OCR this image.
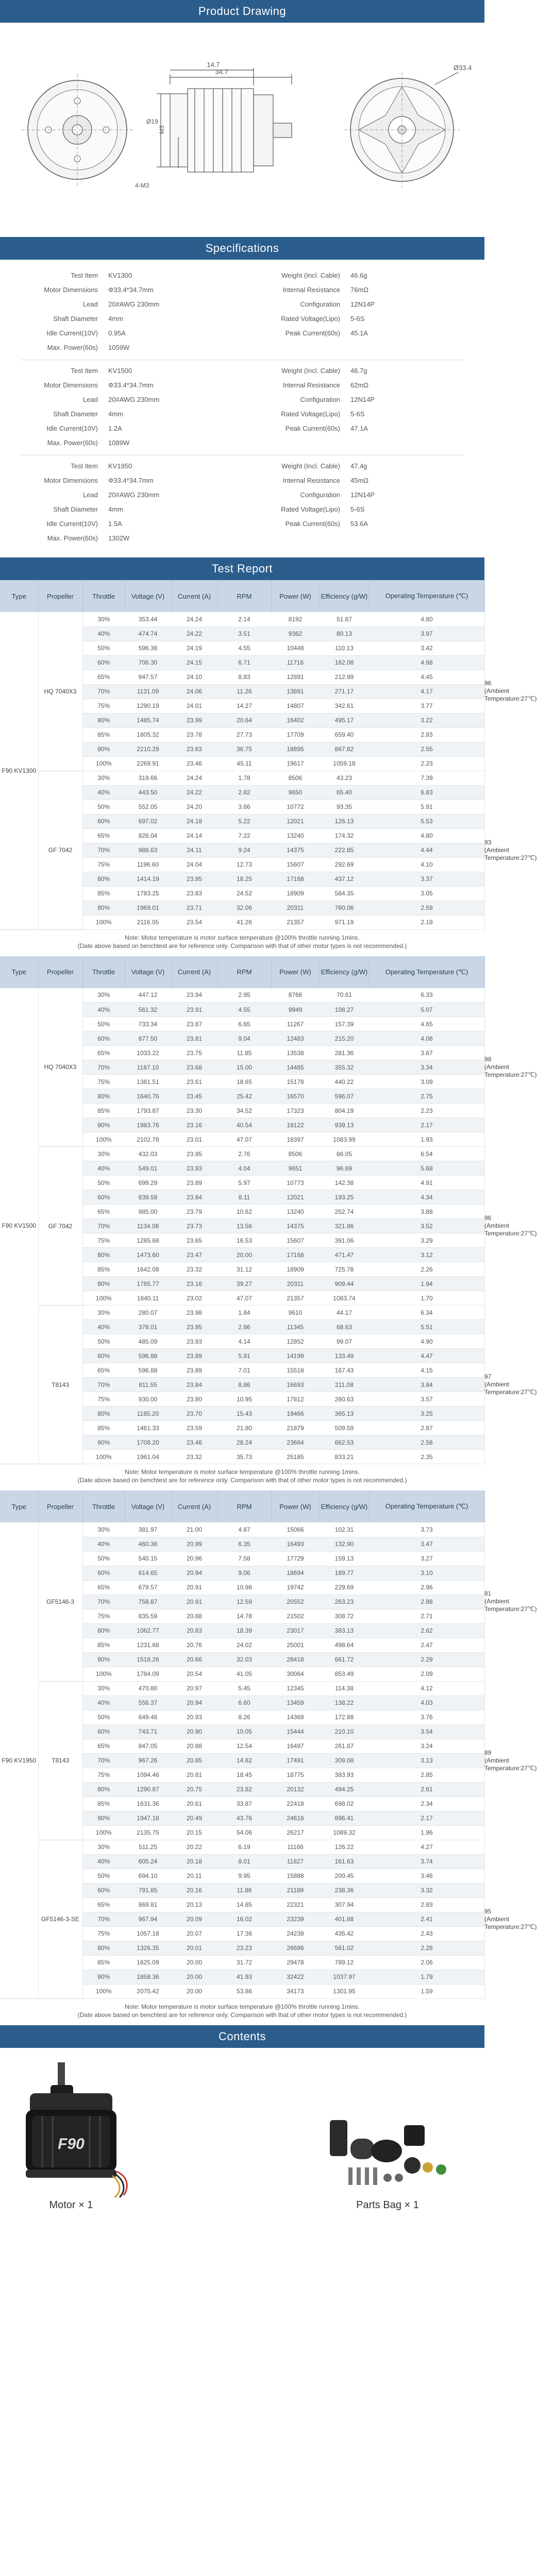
Product Drawing
34.7
14.7
Ø19
M3
4-M3
Ø33.4
Specifications
Test Item	KV1300	Weight (Incl. Cable)	46.6g
Motor Dimensions	Φ33.4*34.7mm	Internal Resistance	76mΩ
Lead	20#AWG 230mm	Configuration	12N14P
Shaft Diameter	4mm	Rated Voltage(Lipo)	5-6S
Idle Current(10V)	0.95A	Peak Current(60s)	45.1A
Max. Power(60s)	1059W
Test Item	KV1500	Weight (Incl. Cable)	46.7g
Motor Dimensions	Φ33.4*34.7mm	Internal Resistance	62mΩ
Lead	20#AWG 230mm	Configuration	12N14P
Shaft Diameter	4mm	Rated Voltage(Lipo)	5-6S
Idle Current(10V)	1.2A	Peak Current(60s)	47.1A
Max. Power(60s)	1089W
Test Item	KV1950	Weight (Incl. Cable)	47.4g
Motor Dimensions	Φ33.4*34.7mm	Internal Resistance	45mΩ
Lead	20#AWG 230mm	Configuration	12N14P
Shaft Diameter	4mm	Rated Voltage(Lipo)	5-6S
Idle Current(10V)	1.5A	Peak Current(60s)	53.6A
Max. Power(60s)	1302W
Test Report
Type	Propeller	Throttle	Voltage (V)	Current (A)	RPM	Power (W)	Efficiency (g/W)	Operating Temperature (℃)	
F90 KV1300	HQ 7040X3	30%	353.44	24.24	2.14	8192	51.87	4.80	96 (Ambient Temperature:27℃)
		40%	474.74	24.22	3.51	9362	80.13	3.97	
		50%	596.38	24.19	4.55	10448	110.13	3.42	
		60%	706.30	24.15	6.71	11716	162.08	4.68	
		65%	947.57	24.10	8.83	12891	212.99	4.45	
		70%	1131.09	24.06	11.26	13891	271.17	4.17	
		75%	1290.19	24.01	14.27	14807	342.61	3.77	
		80%	1485.74	23.99	20.64	16402	495.17	3.22	
		85%	1805.32	23.78	27.73	17709	659.40	2.83	
		90%	2210.29	23.63	36.75	18895	867.82	2.55	
		100%	2269.91	23.46	45.11	19617	1059.18	2.23	
	GF 7042	30%	319.66	24.24	1.78	8506	43.23	7.39	93 (Ambient Temperature:27℃)
		40%	443.50	24.22	2.82	9650	65.40	6.83	
		50%	552.05	24.20	3.86	10772	93.35	5.91	
		60%	697.02	24.18	5.22	12021	126.13	5.53	
		65%	826.04	24.14	7.22	13240	174.32	4.80	
		70%	988.63	24.11	9.24	14375	222.85	4.44	
		75%	1196.60	24.04	12.73	15607	292.69	4.10	
		80%	1414.19	23.95	18.25	17168	437.12	3.37	
		85%	1783.25	23.83	24.52	18909	584.35	3.05	
		90%	1969.01	23.71	32.06	20311	760.06	2.59	
		100%	2116.05	23.54	41.26	21357	971.19	2.18	
Note: Motor temperature is motor surface temperature @100% throttle running 1mins.
(Date above based on benchtest are for reference only. Comparison with that of other motor types is not recommended.)
Type	Propeller	Throttle	Voltage (V)	Current (A)	RPM	Power (W)	Efficiency (g/W)	Operating Temperature (℃)	
F90 KV1500	HQ 7040X3	30%	447.12	23.94	2.95	8766	70.61	6.33	98 (Ambient Temperature:27℃)
		40%	561.32	23.91	4.55	9949	108.27	5.07	
		50%	733.34	23.87	6.65	11267	157.39	4.65	
		60%	877.50	23.81	9.04	12483	215.20	4.08	
		65%	1033.22	23.75	11.85	13538	281.36	3.67	
		70%	1187.10	23.68	15.00	14485	355.32	3.34	
		75%	1361.51	23.61	18.65	15178	440.22	3.09	
		80%	1640.76	23.45	25.42	16570	596.07	2.75	
		85%	1793.87	23.30	34.52	17323	804.19	2.23	
		90%	1983.76	23.16	40.54	18122	939.13	2.17	
		100%	2102.78	23.01	47.07	18397	1083.99	1.93	
	GF 7042	30%	432.03	23.95	2.76	8506	66.05	6.54	96 (Ambient Temperature:27℃)
		40%	549.01	23.93	4.04	9651	96.69	5.68	
		50%	699.29	23.89	5.97	10773	142.38	4.91	
		60%	839.58	23.84	8.11	12021	193.25	4.34	
		65%	985.00	23.79	10.62	13240	252.74	3.88	
		70%	1134.08	23.73	13.56	14375	321.86	3.52	
		75%	1285.68	23.65	16.53	15607	391.06	3.29	
		80%	1473.60	23.47	20.00	17168	471.47	3.12	
		85%	1642.08	23.32	31.12	18909	725.78	2.26	
		90%	1765.77	23.16	39.27	20311	909.44	1.94	
		100%	1840.11	23.02	47.07	21357	1083.74	1.70	
	T8143	30%	280.07	23.98	1.84	9610	44.17	6.34	97 (Ambient Temperature:27℃)
		40%	378.01	23.95	2.86	11345	68.63	5.51	
		50%	485.09	23.93	4.14	12852	99.07	4.90	
		60%	596.88	23.89	5.91	14199	133.49	4.47	
		65%	596.88	23.89	7.01	15518	167.43	4.15	
		70%	811.55	23.84	8.86	16693	211.08	3.84	
		75%	930.00	23.80	10.95	17812	260.63	3.57	
		80%	1185.20	23.70	15.43	19466	365.13	3.25	
		85%	1461.33	23.59	21.80	21879	509.59	2.87	
		90%	1708.20	23.46	28.24	23664	662.53	2.58	
		100%	1961.04	23.32	35.73	25185	833.21	2.35	
Note: Motor temperature is motor surface temperature @100% throttle running 1mins.
(Date above based on benchtest are for reference only. Comparison with that of other motor types is not recommended.)
Type	Propeller	Throttle	Voltage (V)	Current (A)	RPM	Power (W)	Efficiency (g/W)	Operating Temperature (℃)	
F90 KV1950	GF5146-3	30%	381.97	21.00	4.87	15066	102.31	3.73	81 (Ambient Temperature:27℃)
		40%	460.38	20.99	6.35	16493	132.90	3.47	
		50%	540.15	20.96	7.58	17729	159.13	3.27	
		60%	614.65	20.94	9.06	18694	189.77	3.10	
		65%	679.57	20.91	10.98	19742	229.69	2.96	
		70%	758.87	20.91	12.59	20552	263.23	2.88	
		75%	835.59	20.88	14.78	21502	308.72	2.71	
		80%	1062.77	20.83	18.39	23017	383.13	2.62	
		85%	1231.68	20.76	24.02	25001	498.64	2.47	
		90%	1518.26	20.66	32.03	28418	661.72	2.29	
		100%	1784.09	20.54	41.05	30064	853.49	2.09	
	T8143	30%	470.80	20.97	5.45	12345	114.38	4.12	89 (Ambient Temperature:27℃)
		40%	556.37	20.94	6.60	13459	138.22	4.03	
		50%	649.46	20.93	8.26	14368	172.88	3.76	
		60%	743.71	20.90	10.05	15444	210.10	3.54	
		65%	847.05	20.88	12.54	16497	261.87	3.24	
		70%	967.26	20.85	14.82	17491	309.08	3.13	
		75%	1094.46	20.81	18.45	18775	383.93	2.85	
		80%	1290.87	20.75	23.82	20132	494.25	2.61	
		85%	1631.36	20.61	33.87	22418	698.02	2.34	
		90%	1947.18	20.49	43.76	24616	896.41	2.17	
		100%	2135.75	20.15	54.06	26217	1089.32	1.96	
	GF5146-3-SE	30%	511.25	20.22	6.19	11166	126.22	4.27	95 (Ambient Temperature:27℃)
		40%	605.24	20.18	8.01	11827	161.63	3.74	
		50%	694.10	20.11	9.95	15888	200.45	3.46	
		60%	791.85	20.16	11.86	21189	238.36	3.32	
		65%	869.81	20.13	14.85	22321	307.94	2.83	
		70%	967.94	20.09	16.02	23239	401.88	2.41	
		75%	1057.18	20.07	17.36	24238	435.42	2.43	
		80%	1326.35	20.01	23.23	26696	561.02	2.28	
		85%	1625.09	20.00	31.72	29478	789.12	2.06	
		90%	1858.36	20.00	41.93	32422	1037.97	1.79	
		100%	2075.42	20.00	53.86	34173	1301.95	1.59	
Note: Motor temperature is motor surface temperature @100% throttle running 1mins.
(Date above based on benchtest are for reference only. Comparison with that of other motor types is not recommended.)
Contents
F90
Motor × 1	Parts Bag × 1
